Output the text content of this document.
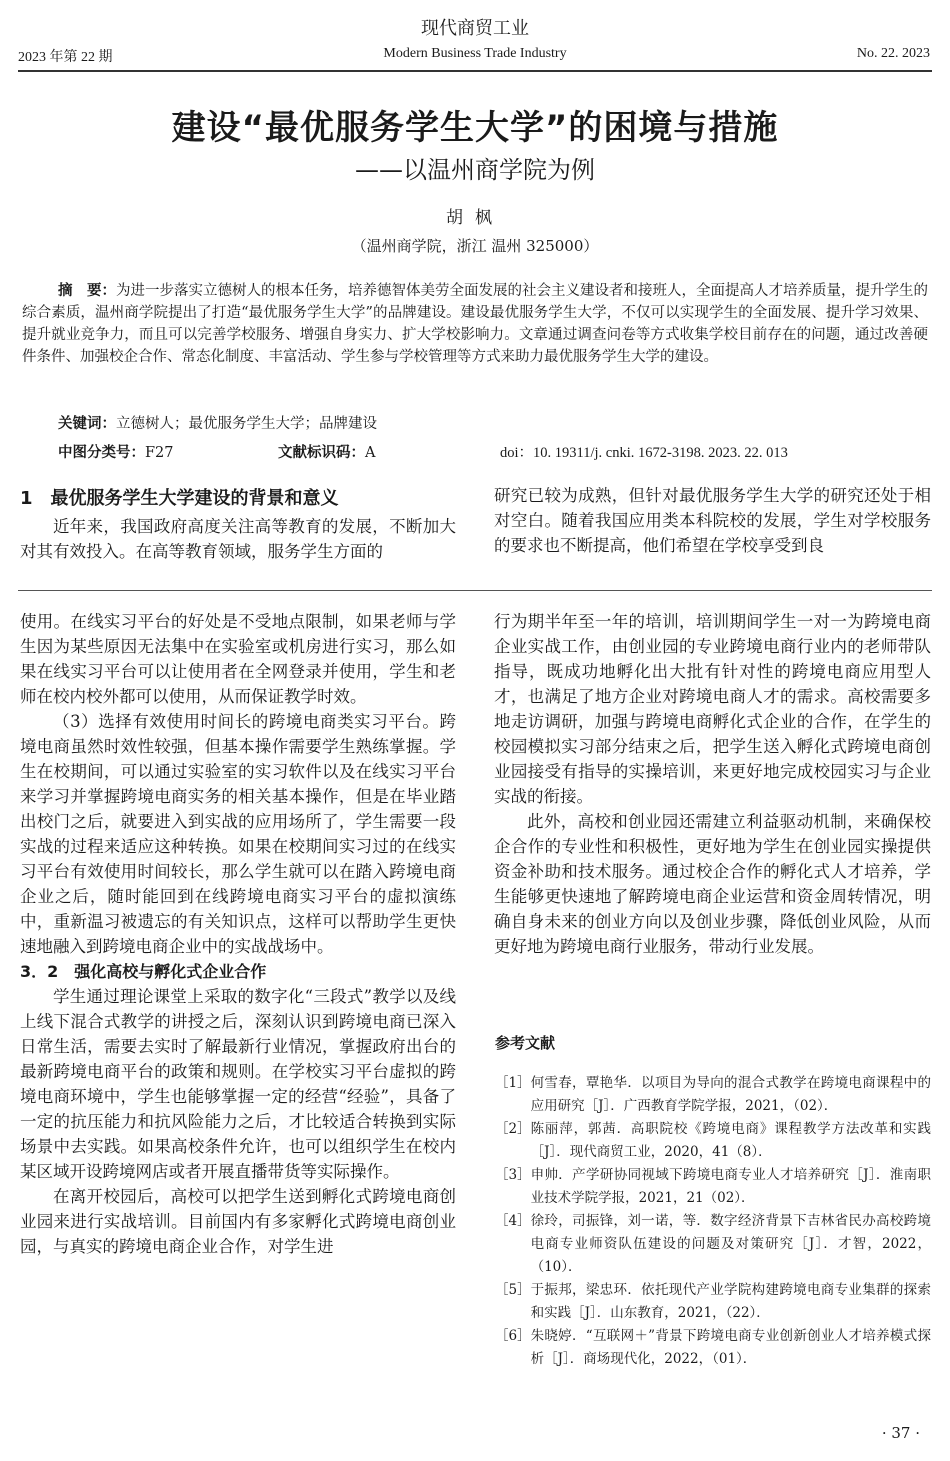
现代商贸工业
2023 年第 22 期	Modern Business Trade Industry	No. 22. 2023
建设“最优服务学生大学”的困境与措施
——以温州商学院为例
胡枫
（温州商学院，浙江 温州 325000）
摘　要：为进一步落实立德树人的根本任务，培养德智体美劳全面发展的社会主义建设者和接班人，全面提高人才培养质量，提升学生的综合素质，温州商学院提出了打造“最优服务学生大学”的品牌建设。建设最优服务学生大学，不仅可以实现学生的全面发展、提升学习效果、提升就业竞争力，而且可以完善学校服务、增强自身实力、扩大学校影响力。文章通过调查问卷等方式收集学校目前存在的问题，通过改善硬件条件、加强校企合作、常态化制度、丰富活动、学生参与学校管理等方式来助力最优服务学生大学的建设。
关键词：立德树人；最优服务学生大学；品牌建设
中图分类号：F27	文献标识码：A	doi：10. 19311/j. cnki. 1672-3198. 2023. 22. 013
1　最优服务学生大学建设的背景和意义

近年来，我国政府高度关注高等教育的发展，不断加大对其有效投入。在高等教育领域，服务学生方面的

研究已较为成熟，但针对最优服务学生大学的研究还处于相对空白。随着我国应用类本科院校的发展，学生对学校服务的要求也不断提高，他们希望在学校享受到良

使用。在线实习平台的好处是不受地点限制，如果老师与学生因为某些原因无法集中在实验室或机房进行实习，那么如果在线实习平台可以让使用者在全网登录并使用，学生和老师在校内校外都可以使用，从而保证教学时效。

（3）选择有效使用时间长的跨境电商类实习平台。跨境电商虽然时效性较强，但基本操作需要学生熟练掌握。学生在校期间，可以通过实验室的实习软件以及在线实习平台来学习并掌握跨境电商实务的相关基本操作，但是在毕业踏出校门之后，就要进入到实战的应用场所了，学生需要一段实战的过程来适应这种转换。如果在校期间实习过的在线实习平台有效使用时间较长，那么学生就可以在踏入跨境电商企业之后，随时能回到在线跨境电商实习平台的虚拟演练中，重新温习被遗忘的有关知识点，这样可以帮助学生更快速地融入到跨境电商企业中的实战战场中。

3．2　强化高校与孵化式企业合作

学生通过理论课堂上采取的数字化“三段式”教学以及线上线下混合式教学的讲授之后，深刻认识到跨境电商已深入日常生活，需要去实时了解最新行业情况，掌握政府出台的最新跨境电商平台的政策和规则。在学校实习平台虚拟的跨境电商环境中，学生也能够掌握一定的经营“经验”，具备了一定的抗压能力和抗风险能力之后，才比较适合转换到实际场景中去实践。如果高校条件允许，也可以组织学生在校内某区域开设跨境网店或者开展直播带货等实际操作。

在离开校园后，高校可以把学生送到孵化式跨境电商创业园来进行实战培训。目前国内有多家孵化式跨境电商创业园，与真实的跨境电商企业合作，对学生进

行为期半年至一年的培训，培训期间学生一对一为跨境电商企业实战工作，由创业园的专业跨境电商行业内的老师带队指导，既成功地孵化出大批有针对性的跨境电商应用型人才，也满足了地方企业对跨境电商人才的需求。高校需要多地走访调研，加强与跨境电商孵化式企业的合作，在学生的校园模拟实习部分结束之后，把学生送入孵化式跨境电商创业园接受有指导的实操培训，来更好地完成校园实习与企业实战的衔接。

此外，高校和创业园还需建立利益驱动机制，来确保校企合作的专业性和积极性，更好地为学生在创业园实操提供资金补助和技术服务。通过校企合作的孵化式人才培养，学生能够更快速地了解跨境电商企业运营和资金周转情况，明确自身未来的创业方向以及创业步骤，降低创业风险，从而更好地为跨境电商行业服务，带动行业发展。

参考文献
［1］ 何雪春，覃艳华．以项目为导向的混合式教学在跨境电商课程中的应用研究［J］．广西教育学院学报，2021，（02）．
［2］ 陈丽萍，郭茜．高职院校《跨境电商》课程教学方法改革和实践［J］．现代商贸工业，2020，41（8）．
［3］ 申帅．产学研协同视域下跨境电商专业人才培养研究［J］．淮南职业技术学院学报，2021，21（02）．
［4］ 徐玲，司振锋，刘一诺，等．数字经济背景下吉林省民办高校跨境电商专业师资队伍建设的问题及对策研究［J］．才智，2022，（10）．
［5］ 于振邦，梁忠环．依托现代产业学院构建跨境电商专业集群的探索和实践［J］．山东教育，2021，（22）．
［6］ 朱晓婷．“互联网＋”背景下跨境电商专业创新创业人才培养模式探析［J］．商场现代化，2022，（01）．
· 37 ·
